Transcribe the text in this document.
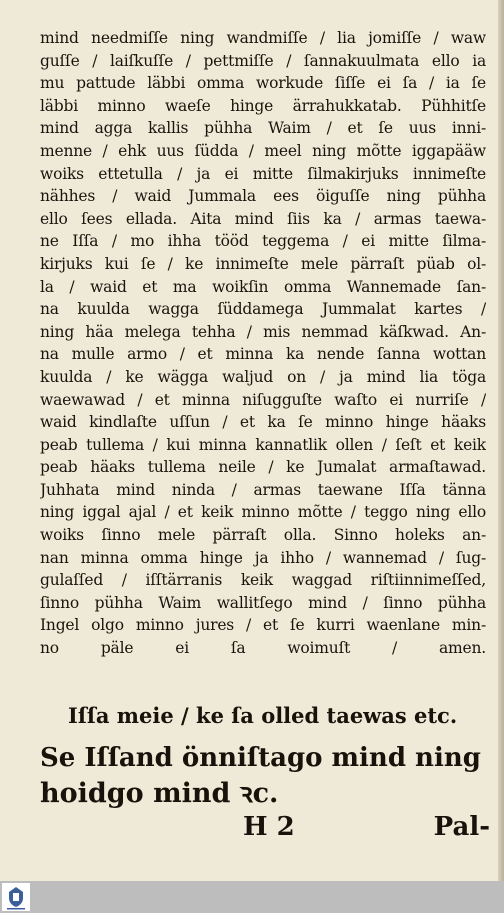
mind needmiſſe ning wandmiſſe / lia jomiſſe / waw
guſſe / laiſkuſſe / pettmiſſe / ſannakuulmata ello ia
mu pattude läbbi omma workude ſiſſe ei ſa / ia ſe
läbbi minno waeſe hinge ärrahukkatab. Pühhitſe
mind agga kallis pühha Waim / et ſe uus inni-
menne / ehk uus ſüdda / meel ning mõtte iggapääw
woiks ettetulla / ja ei mitte ſilmakirjuks innimeſte
nähhes / waid Jummala ees öiguſſe ning pühha
ello ſees ellada. Aita mind ſiis ka / armas taewa-
ne Iſſa / mo ihha tööd teggema / ei mitte ſilma-
kirjuks kui ſe / ke innimeſte mele pärraſt püab ol-
la / waid et ma woikſin omma Wannemade ſan-
na kuulda wagga ſüddamega Jummalat kartes /
ning häa melega tehha / mis nemmad käſkwad. An-
na mulle armo / et minna ka nende ſanna wottan
kuulda / ke wägga waljud on / ja mind lia töga
waewawad / et minna niſugguſte waſto ei nurriſe /
waid kindlaſte uſſun / et ka ſe minno hinge häaks
peab tullema / kui minna kannatlik ollen / ſeſt et keik
peab häaks tullema neile / ke Jumalat armaſtawad.
Juhhata mind ninda / armas taewane Iſſa tänna
ning iggal ajal / et keik minno mõtte / teggo ning ello
woiks ſinno mele pärraſt olla. Sinno holeks an-
nan minna omma hinge ja ihho / wannemad / ſug-
gulaſſed / iſſtärranis keik waggad riſtiinnimeſſed,
ſinno pühha Waim wallitſego mind / ſinno pühha
Ingel olgo minno jures / et ſe kurri waenlane min-
no päle ei ſa woimuſt / amen.
Iſſa meie / ke ſa olled taewas etc.
Se Iſſand önniſtago mind ning
hoidgo mind ꝛc.
H 2	Pal-
